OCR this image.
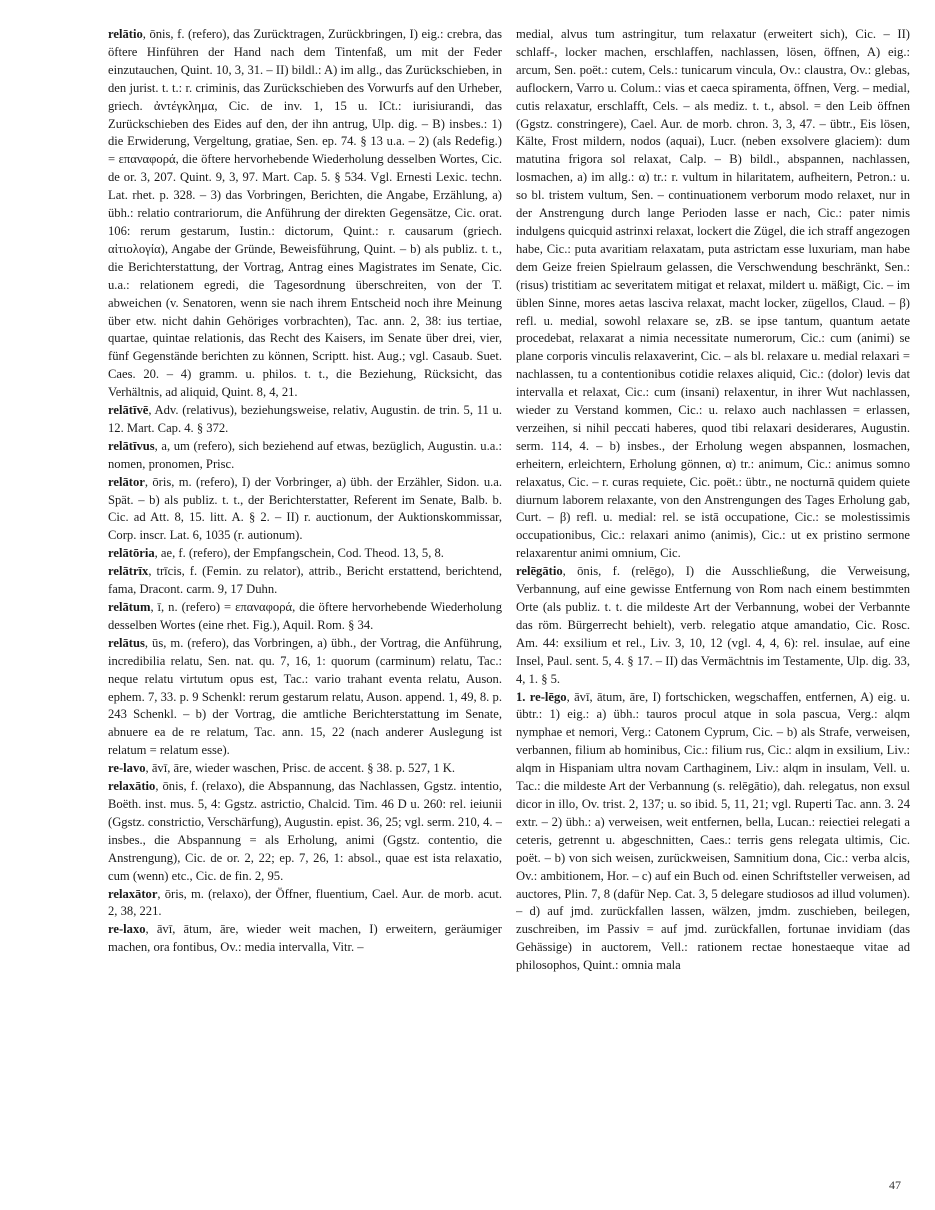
relātio, ōnis, f. (refero), das Zurücktragen, Zurückbringen, I) eig.: crebra, das öftere Hinführen der Hand nach dem Tintenfaß, um mit der Feder einzutauchen, Quint. 10, 3, 31. – II) bildl.: A) im allg., das Zurückschieben, in den jurist. t. t.: r. criminis, das Zurückschieben des Vorwurfs auf den Urheber, griech. ἀντέγκλημα, Cic. de inv. 1, 15 u. ICt.: iurisiurandi, das Zurückschieben des Eides auf den, der ihn antrug, Ulp. dig. – B) insbes.: 1) die Erwiderung, Vergeltung, gratiae, Sen. ep. 74. § 13 u.a. – 2) (als Redefig.) = επαναφορά, die öftere hervorhebende Wiederholung desselben Wortes, Cic. de or. 3, 207. Quint. 9, 3, 97. Mart. Cap. 5. § 534. Vgl. Ernesti Lexic. techn. Lat. rhet. p. 328. – 3) das Vorbringen, Berichten, die Angabe, Erzählung, a) übh.: relatio contrariorum, die Anführung der direkten Gegensätze, Cic. orat. 106: rerum gestarum, Iustin.: dictorum, Quint.: r. causarum (griech. αἰτιολογία), Angabe der Gründe, Beweisführung, Quint. – b) als publiz. t. t., die Berichterstattung, der Vortrag, Antrag eines Magistrates im Senate, Cic. u.a.: relationem egredi, die Tagesordnung überschreiten, von der T. abweichen (v. Senatoren, wenn sie nach ihrem Entscheid noch ihre Meinung über etw. nicht dahin Gehöriges vorbrachten), Tac. ann. 2, 38: ius tertiae, quartae, quintae relationis, das Recht des Kaisers, im Senate über drei, vier, fünf Gegenstände berichten zu können, Scriptt. hist. Aug.; vgl. Casaub. Suet. Caes. 20. – 4) gramm. u. philos. t. t., die Beziehung, Rücksicht, das Verhältnis, ad aliquid, Quint. 8, 4, 21.
relātīvē, Adv. (relativus), beziehungsweise, relativ, Augustin. de trin. 5, 11 u. 12. Mart. Cap. 4. § 372.
relātīvus, a, um (refero), sich beziehend auf etwas, bezüglich, Augustin. u.a.: nomen, pronomen, Prisc.
relātor, ōris, m. (refero), I) der Vorbringer, a) übh. der Erzähler, Sidon. u.a. Spät. – b) als publiz. t. t., der Berichterstatter, Referent im Senate, Balb. b. Cic. ad Att. 8, 15. litt. A. § 2. – II) r. auctionum, der Auktionskommissar, Corp. inscr. Lat. 6, 1035 (r. autionum).
relātōria, ae, f. (refero), der Empfangschein, Cod. Theod. 13, 5, 8.
relātrīx, trīcis, f. (Femin. zu relator), attrib., Bericht erstattend, berichtend, fama, Dracont. carm. 9, 17 Duhn.
relātum, ī, n. (refero) = επαναφορά, die öftere hervorhebende Wiederholung desselben Wortes (eine rhet. Fig.), Aquil. Rom. § 34.
relātus, ūs, m. (refero), das Vorbringen, a) übh., der Vortrag, die Anführung, incredibilia relatu, Sen. nat. qu. 7, 16, 1: quorum (carminum) relatu, Tac.: neque relatu virtutum opus est, Tac.: vario trahant eventa relatu, Auson. ephem. 7, 33. p. 9 Schenkl: rerum gestarum relatu, Auson. append. 1, 49, 8. p. 243 Schenkl. – b) der Vortrag, die amtliche Berichterstattung im Senate, abnuere ea de re relatum, Tac. ann. 15, 22 (nach anderer Auslegung ist relatum = relatum esse).
re-lavo, āvī, āre, wieder waschen, Prisc. de accent. § 38. p. 527, 1 K.
relaxātio, ōnis, f. (relaxo), die Abspannung, das Nachlassen, Ggstz. intentio, Boëth. inst. mus. 5, 4: Ggstz. astrictio, Chalcid. Tim. 46 D u. 260: rel. ieiunii (Ggstz. constrictio, Verschärfung), Augustin. epist. 36, 25; vgl. serm. 210, 4. – insbes., die Abspannung = als Erholung, animi (Ggstz. contentio, die Anstrengung), Cic. de or. 2, 22; ep. 7, 26, 1: absol., quae est ista relaxatio, cum (wenn) etc., Cic. de fin. 2, 95.
relaxātor, ōris, m. (relaxo), der Öffner, fluentium, Cael. Aur. de morb. acut. 2, 38, 221.
re-laxo, āvī, ātum, āre, wieder weit machen, I) erweitern, geräumiger machen, ora fontibus, Ov.: media intervalla, Vitr. –
medial, alvus tum astringitur, tum relaxatur (erweitert sich), Cic. – II) schlaff-, locker machen, erschlaffen, nachlassen, lösen, öffnen, A) eig.: arcum, Sen. poët.: cutem, Cels.: tunicarum vincula, Ov.: claustra, Ov.: glebas, auflockern, Varro u. Colum.: vias et caeca spiramenta, öffnen, Verg. – medial, cutis relaxatur, erschlafft, Cels. – als mediz. t. t., absol. = den Leib öffnen (Ggstz. constringere), Cael. Aur. de morb. chron. 3, 3, 47. – übtr., Eis lösen, Kälte, Frost mildern, nodos (aquai), Lucr. (neben exsolvere glaciem): dum matutina frigora sol relaxat, Calp. – B) bildl., abspannen, nachlassen, losmachen, a) im allg.: α) tr.: r. vultum in hilaritatem, aufheitern, Petron.: u. so bl. tristem vultum, Sen. – continuationem verborum modo relaxet, nur in der Anstrengung durch lange Perioden lasse er nach, Cic.: pater nimis indulgens quicquid astrinxi relaxat, lockert die Zügel, die ich straff angezogen habe, Cic.: puta avaritiam relaxatam, puta astrictam esse luxuriam, man habe dem Geize freien Spielraum gelassen, die Verschwendung beschränkt, Sen.: (risus) tristitiam ac severitatem mitigat et relaxat, mildert u. mäßigt, Cic. – im üblen Sinne, mores aetas lasciva relaxat, macht locker, zügellos, Claud. – β) refl. u. medial, sowohl relaxare se, zB. se ipse tantum, quantum aetate procedebat, relaxarat a nimia necessitate numerorum, Cic.: cum (animi) se plane corporis vinculis relaxaverint, Cic. – als bl. relaxare u. medial relaxari = nachlassen, tu a contentionibus cotidie relaxes aliquid, Cic.: (dolor) levis dat intervalla et relaxat, Cic.: cum (insani) relaxentur, in ihrer Wut nachlassen, wieder zu Verstand kommen, Cic.: u. relaxo auch nachlassen = erlassen, verzeihen, si nihil peccati haberes, quod tibi relaxari desiderares, Augustin. serm. 114, 4. – b) insbes., der Erholung wegen abspannen, losmachen, erheitern, erleichtern, Erholung gönnen, α) tr.: animum, Cic.: animus somno relaxatus, Cic. – r. curas requiete, Cic. poët.: übtr., ne nocturnā quidem quiete diurnum laborem relaxante, von den Anstrengungen des Tages Erholung gab, Curt. – β) refl. u. medial: rel. se istā occupatione, Cic.: se molestissimis occupationibus, Cic.: relaxari animo (animis), Cic.: ut ex pristino sermone relaxarentur animi omnium, Cic.
relēgātio, ōnis, f. (relēgo), I) die Ausschließung, die Verweisung, Verbannung, auf eine gewisse Entfernung von Rom nach einem bestimmten Orte (als publiz. t. t. die mildeste Art der Verbannung, wobei der Verbannte das röm. Bürgerrecht behielt), verb. relegatio atque amandatio, Cic. Rosc. Am. 44: exsilium et rel., Liv. 3, 10, 12 (vgl. 4, 4, 6): rel. insulae, auf eine Insel, Paul. sent. 5, 4. § 17. – II) das Vermächtnis im Testamente, Ulp. dig. 33, 4, 1. § 5.
1. re-lēgo, āvī, ātum, āre, I) fortschicken, wegschaffen, entfernen, A) eig. u. übtr.: 1) eig.: a) übh.: tauros procul atque in sola pascua, Verg.: alqm nymphae et nemori, Verg.: Catonem Cyprum, Cic. – b) als Strafe, verweisen, verbannen, filium ab hominibus, Cic.: filium rus, Cic.: alqm in exsilium, Liv.: alqm in Hispaniam ultra novam Carthaginem, Liv.: alqm in insulam, Vell. u. Tac.: die mildeste Art der Verbannung (s. relēgātio), dah. relegatus, non exsul dicor in illo, Ov. trist. 2, 137; u. so ibid. 5, 11, 21; vgl. Ruperti Tac. ann. 3. 24 extr. – 2) übh.: a) verweisen, weit entfernen, bella, Lucan.: reiectiei relegati a ceteris, getrennt u. abgeschnitten, Caes.: terris gens relegata ultimis, Cic. poët. – b) von sich weisen, zurückweisen, Samnitium dona, Cic.: verba alcis, Ov.: ambitionem, Hor. – c) auf ein Buch od. einen Schriftsteller verweisen, ad auctores, Plin. 7, 8 (dafür Nep. Cat. 3, 5 delegare studiosos ad illud volumen). – d) auf jmd. zurückfallen lassen, wälzen, jmdm. zuschieben, beilegen, zuschreiben, im Passiv = auf jmd. zurückfallen, fortunae invidiam (das Gehässige) in auctorem, Vell.: rationem rectae honestaeque vitae ad philosophos, Quint.: omnia mala
47
